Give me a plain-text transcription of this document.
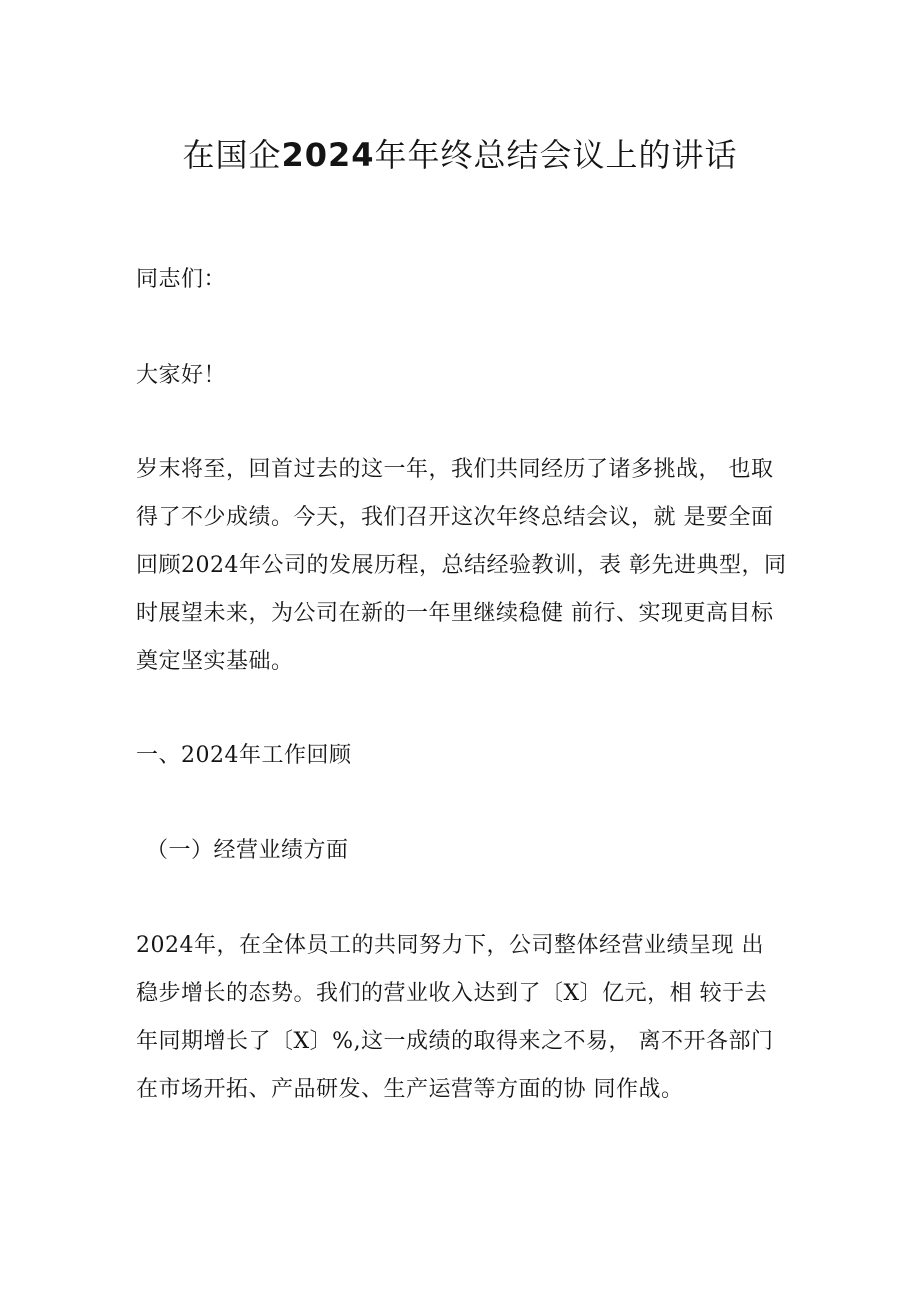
在国企2024年年终总结会议上的讲话
同志们：
大家好！
岁末将至，回首过去的这一年，我们共同经历了诸多挑战， 也取
得了不少成绩。今天，我们召开这次年终总结会议，就 是要全面
回顾2024年公司的发展历程，总结经验教训，表 彰先进典型，同
时展望未来，为公司在新的一年里继续稳健 前行、实现更高目标
奠定坚实基础。
一、2024年工作回顾
（一）经营业绩方面
2024年，在全体员工的共同努力下，公司整体经营业绩呈现 出
稳步增长的态势。我们的营业收入达到了〔X〕亿元，相 较于去
年同期增长了〔X〕%,这一成绩的取得来之不易， 离不开各部门
在市场开拓、产品研发、生产运营等方面的协 同作战。
